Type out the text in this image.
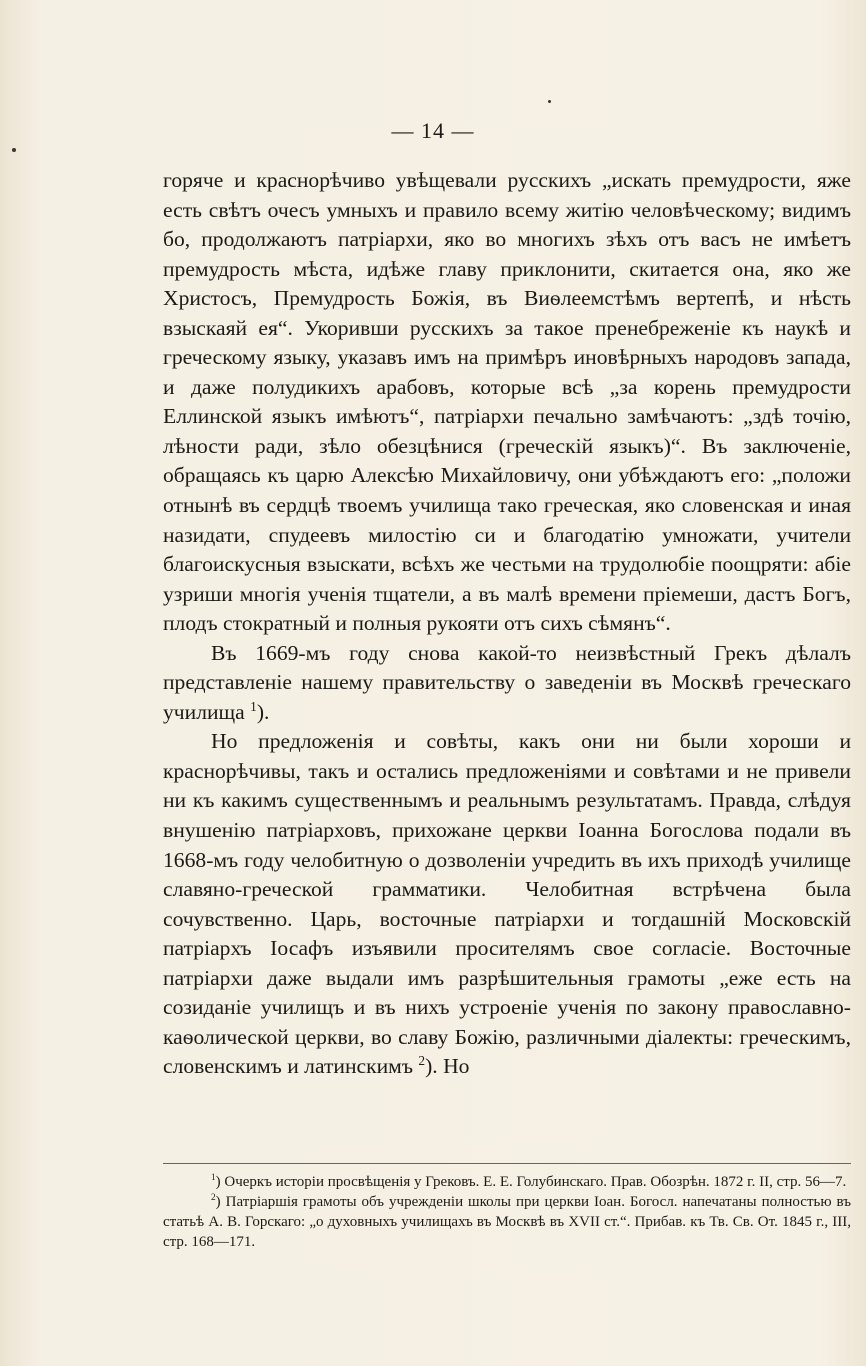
— 14 —

горяче и краснорѣчиво увѣщевали русскихъ „искать премудрости, яже есть свѣтъ очесъ умныхъ и правило всему житію человѣческому; видимъ бо, продолжаютъ патріархи, яко во многихъ зѣхъ отъ васъ не имѣетъ премудрость мѣста, идѣже главу приклонити, скитается она, яко же Христосъ, Премудрость Божія, въ Виѳлеемстѣмъ вертепѣ, и нѣсть взыскаяй ея“. Укоривши русскихъ за такое пренебреженіе къ наукѣ и греческому языку, указавъ имъ на примѣръ иновѣрныхъ народовъ запада, и даже полудикихъ арабовъ, которые всѣ „за корень премудрости Еллинской языкъ имѣютъ“, патріархи печально замѣчаютъ: „здѣ точію, лѣности ради, зѣло обезцѣнися (греческій языкъ)“. Въ заключеніе, обращаясь къ царю Алексѣю Михайловичу, они убѣждаютъ его: „положи отнынѣ въ сердцѣ твоемъ училища тако греческая, яко словенская и иная назидати, спудеевъ милостію си и благодатію умножати, учители благоискусныя взыскати, всѣхъ же честьми на трудолюбіе поощряти: абіе узриши многія ученія тщатели, а въ малѣ времени пріемеши, дастъ Богъ, плодъ стократный и полныя рукояти отъ сихъ сѣмянъ“.

Въ 1669-мъ году снова какой-то неизвѣстный Грекъ дѣлалъ представленіе нашему правительству о заведеніи въ Москвѣ греческаго училища $^1$).

Но предложенія и совѣты, какъ они ни были хороши и краснорѣчивы, такъ и остались предложеніями и совѣтами и не привели ни къ какимъ существеннымъ и реальнымъ результатамъ. Правда, слѣдуя внушенію патріарховъ, прихожане церкви Іоанна Богослова подали въ 1668-мъ году челобитную о дозволеніи учредить въ ихъ приходѣ училище славяно-греческой грамматики. Челобитная встрѣчена была сочувственно. Царь, восточные патріархи и тогдашній Московскій патріархъ Іосафъ изъявили просителямъ свое согласіе. Восточные патріархи даже выдали имъ разрѣшительныя грамоты „еже есть на созиданіе училищъ и въ нихъ устроеніе ученія по закону православно-каѳолической церкви, во славу Божію, различными діалекты: греческимъ, словенскимъ и латинскимъ $^2$). Но

$^1$) Очеркъ исторіи просвѣщенія у Грековъ. Е. Е. Голубинскаго. Прав. Обозрѣн. 1872 г. II, стр. 56—7.

$^2$) Патріаршія грамоты объ учрежденіи школы при церкви Іоан. Богосл. напечатаны полностью въ статьѣ А. В. Горскаго: „о духовныхъ училищахъ въ Москвѣ въ XVII ст.“. Прибав. къ Тв. Св. От. 1845 г., III, стр. 168—171.
